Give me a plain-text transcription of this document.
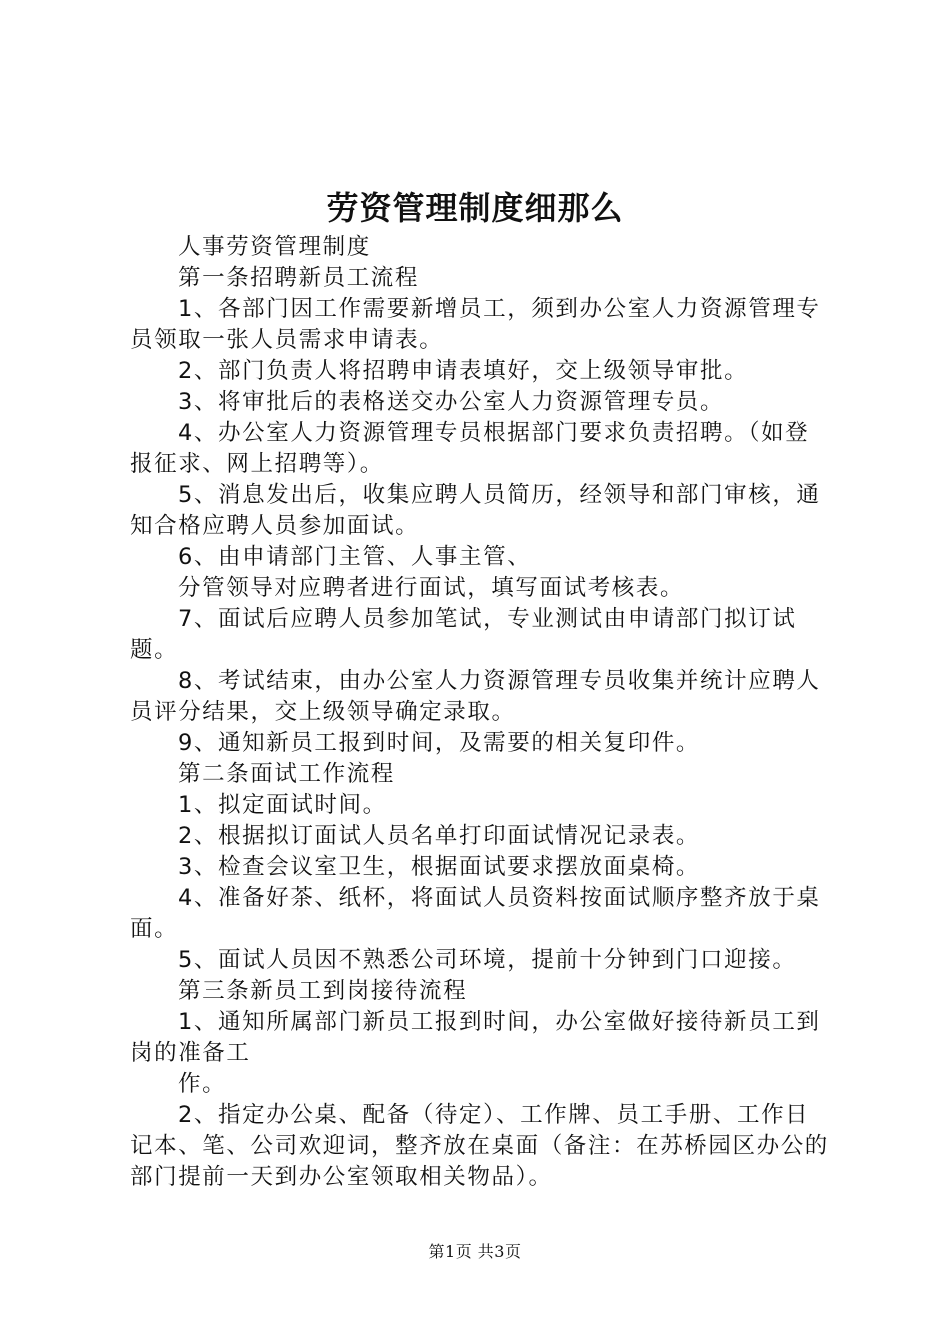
劳资管理制度细那么

人事劳资管理制度

第一条招聘新员工流程

1、各部门因工作需要新增员工，须到办公室人力资源管理专员领取一张人员需求申请表。

2、部门负责人将招聘申请表填好，交上级领导审批。

3、将审批后的表格送交办公室人力资源管理专员。

4、办公室人力资源管理专员根据部门要求负责招聘。（如登报征求、网上招聘等）。

5、消息发出后，收集应聘人员简历，经领导和部门审核，通知合格应聘人员参加面试。

6、由申请部门主管、人事主管、

分管领导对应聘者进行面试，填写面试考核表。

7、面试后应聘人员参加笔试，专业测试由申请部门拟订试题。

8、考试结束，由办公室人力资源管理专员收集并统计应聘人员评分结果，交上级领导确定录取。

9、通知新员工报到时间，及需要的相关复印件。

第二条面试工作流程

1、拟定面试时间。

2、根据拟订面试人员名单打印面试情况记录表。

3、检查会议室卫生，根据面试要求摆放面桌椅。

4、准备好茶、纸杯，将面试人员资料按面试顺序整齐放于桌面。

5、面试人员因不熟悉公司环境，提前十分钟到门口迎接。

第三条新员工到岗接待流程

1、通知所属部门新员工报到时间，办公室做好接待新员工到岗的准备工

作。

2、指定办公桌、配备（待定）、工作牌、员工手册、工作日记本、笔、公司欢迎词，整齐放在桌面（备注：在苏桥园区办公的部门提前一天到办公室领取相关物品）。

第1页 共3页
